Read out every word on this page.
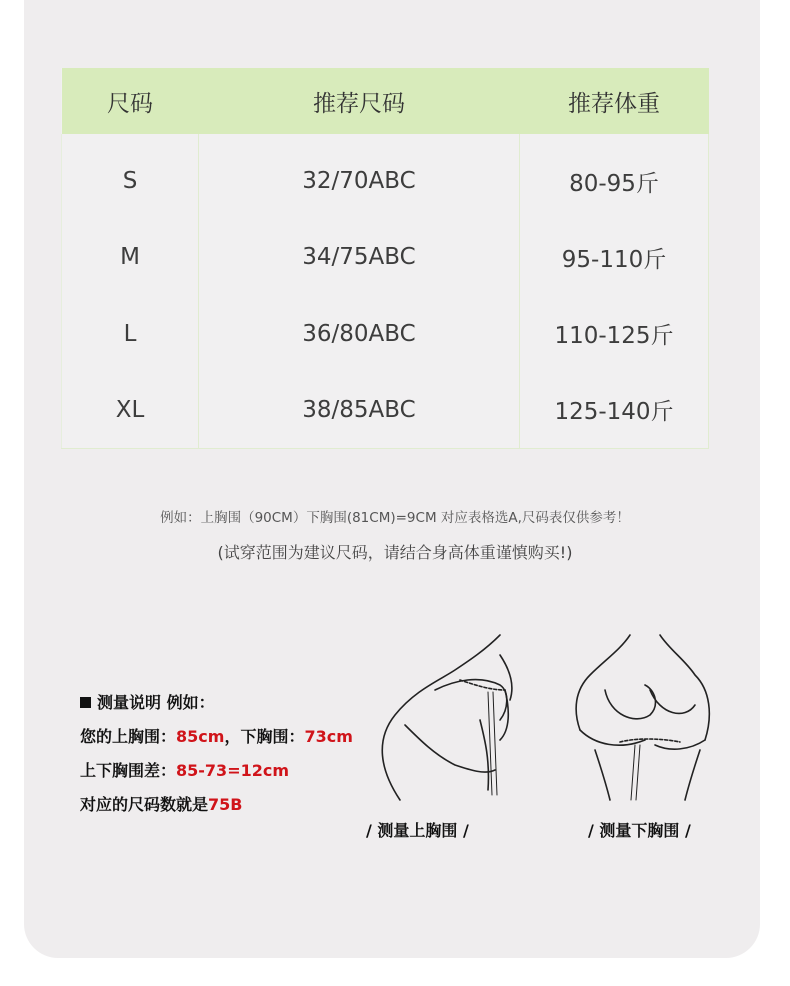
尺码	推荐尺码	推荐体重
S	32/70ABC	80-95斤
M	34/75ABC	95-110斤
L	36/80ABC	110-125斤
XL	38/85ABC	125-140斤
例如：上胸围（90CM）下胸围(81CM)=9CM 对应表格选A,尺码表仅供参考！
(试穿范围为建议尺码，请结合身高体重谨慎购买!)
测量说明 例如：
您的上胸围：85cm，下胸围：73cm
上下胸围差：85-73=12cm
对应的尺码数就是75B
/ 测量上胸围 /	/ 测量下胸围 /
